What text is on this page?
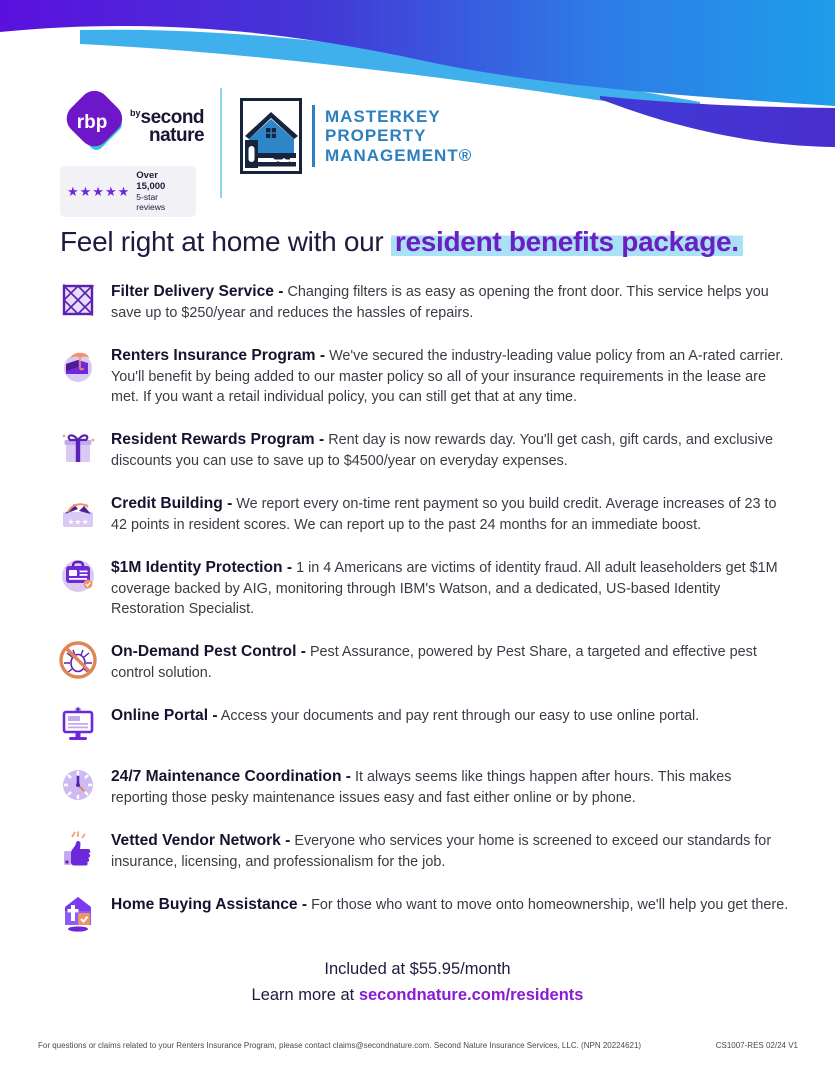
rbp	$^{by}$second
nature
★★★★★
Over 15,000
5-star reviews
MASTERKEY
PROPERTY
MANAGEMENT®
Feel right at home with our resident benefits package.
Filter Delivery Service - Changing filters is as easy as opening the front door. This service helps you save up to $250/year and reduces the hassles of repairs.
Renters Insurance Program - We've secured the industry-leading value policy from an A-rated carrier. You'll benefit by being added to our master policy so all of your insurance requirements in the lease are met. If you want a retail individual policy, you can still get that at any time.
Resident Rewards Program - Rent day is now rewards day. You'll get cash, gift cards, and exclusive discounts you can use to save up to $4500/year on everyday expenses.
★★★
Credit Building - We report every on-time rent payment so you build credit. Average increases of 23 to 42 points in resident scores. We can report up to the past 24 months for an immediate boost.
$1M Identity Protection - 1 in 4 Americans are victims of identity fraud. All adult leaseholders get $1M coverage backed by AIG, monitoring through IBM's Watson, and a dedicated, US-based Identity Restoration Specialist.
On-Demand Pest Control - Pest Assurance, powered by Pest Share, a targeted and effective pest control solution.
Online Portal - Access your documents and pay rent through our easy to use online portal.
24/7 Maintenance Coordination - It always seems like things happen after hours. This makes reporting those pesky maintenance issues easy and fast either online or by phone.
Vetted Vendor Network - Everyone who services your home is screened to exceed our standards for insurance, licensing, and professionalism for the job.
Home Buying Assistance - For those who want to move onto homeownership, we'll help you get there.
Included at $55.95/month
Learn more at secondnature.com/residents
For questions or claims related to your Renters Insurance Program, please contact claims@secondnature.com. Second Nature Insurance Services, LLC. (NPN 20224621)	CS1007-RES 02/24 V1
